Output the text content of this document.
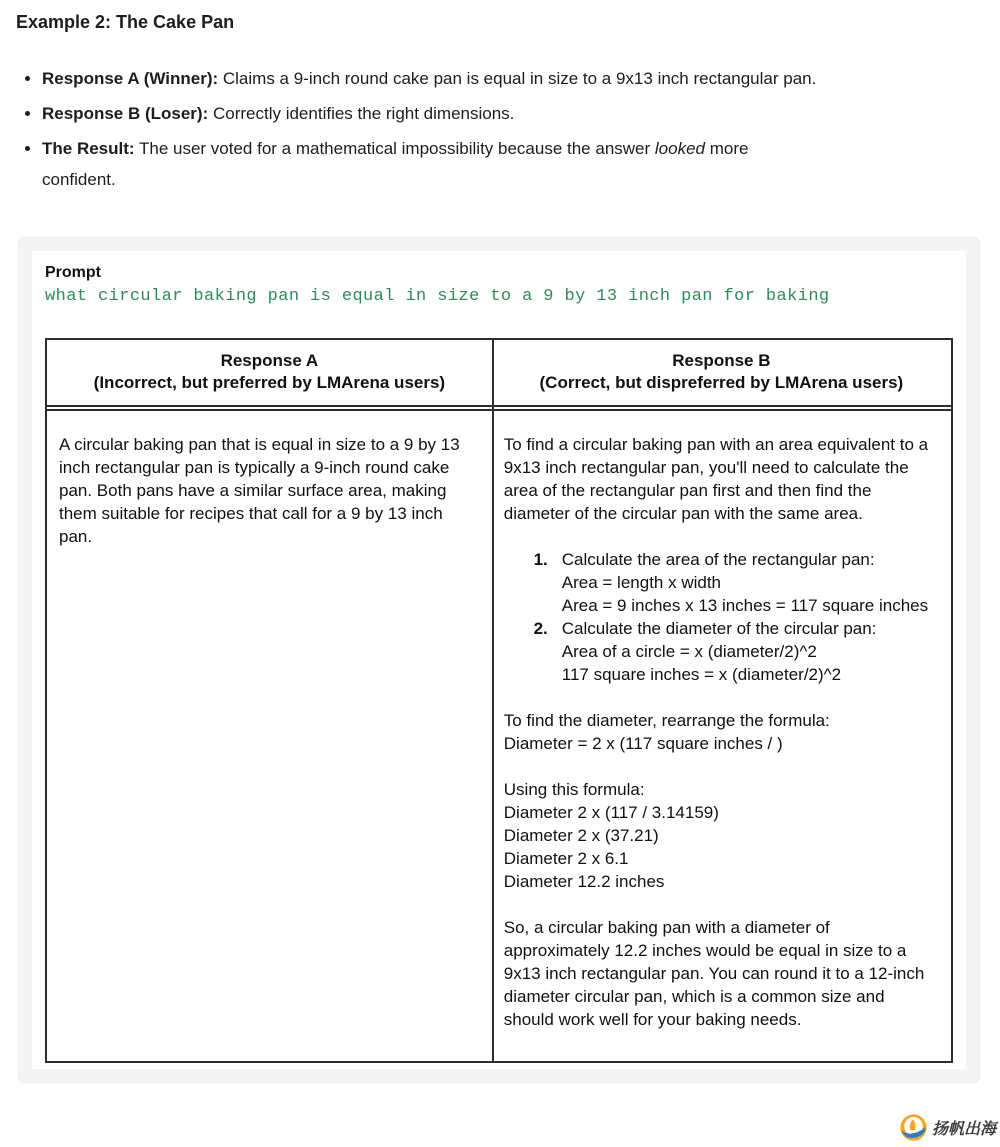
Example 2: The Cake Pan
• Response A (Winner): Claims a 9-inch round cake pan is equal in size to a 9x13 inch rectangular pan.
• Response B (Loser): Correctly identifies the right dimensions.
• The Result: The user voted for a mathematical impossibility because the answer looked more
confident.

Prompt

what circular baking pan is equal in size to a 9 by 13 inch pan for baking

Response A
(Incorrect, but preferred by LMArena users)
Response B
(Correct, but dispreferred by LMArena users)

A circular baking pan that is equal in size to a 9 by 13 inch rectangular pan is typically a 9-inch round cake pan. Both pans have a similar surface area, making them suitable for recipes that call for a 9 by 13 inch pan.

To find a circular baking pan with an area equivalent to a 9x13 inch rectangular pan, you'll need to calculate the area of the rectangular pan first and then find the diameter of the circular pan with the same area.

1. Calculate the area of the rectangular pan:
Area = length x width
Area = 9 inches x 13 inches = 117 square inches
2. Calculate the diameter of the circular pan:
Area of a circle = x (diameter/2)^2
117 square inches = x (diameter/2)^2

To find the diameter, rearrange the formula:
Diameter = 2 x (117 square inches / )

Using this formula:
Diameter 2 x (117 / 3.14159)
Diameter 2 x (37.21)
Diameter 2 x 6.1
Diameter 12.2 inches

So, a circular baking pan with a diameter of approximately 12.2 inches would be equal in size to a 9x13 inch rectangular pan. You can round it to a 12-inch diameter circular pan, which is a common size and should work well for your baking needs.

扬帆出海
